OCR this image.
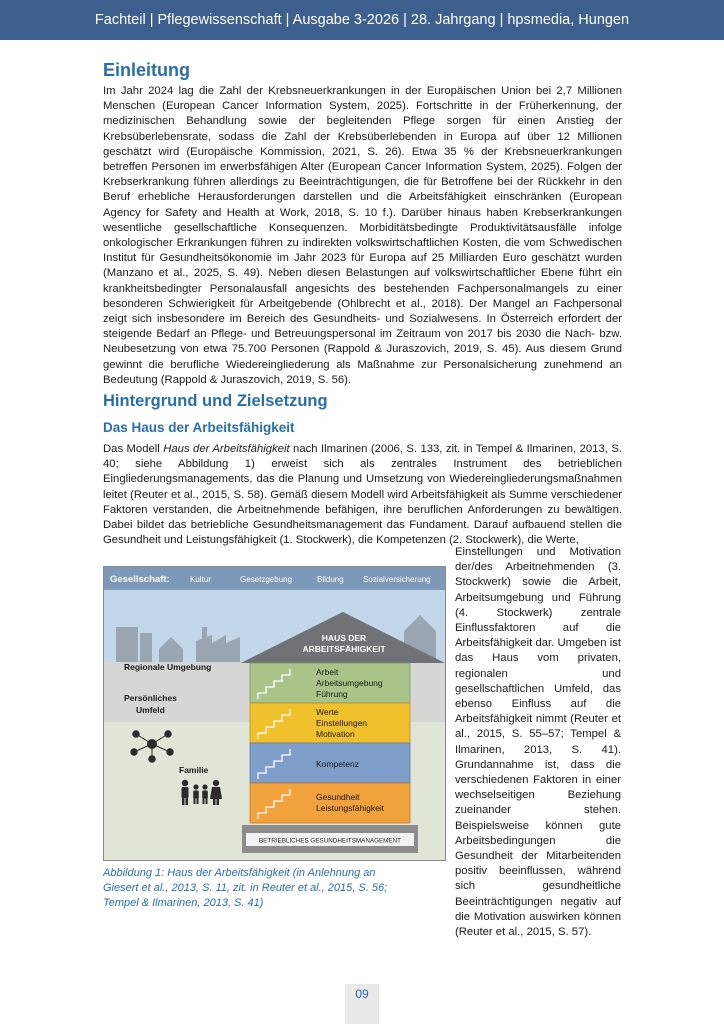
Fachteil | Pflegewissenschaft | Ausgabe 3-2026 | 28. Jahrgang | hpsmedia, Hungen
Einleitung

Im Jahr 2024 lag die Zahl der Krebsneuerkrankungen in der Europäischen Union bei 2,7 Millionen Menschen (European Cancer Information System, 2025). Fortschritte in der Früherkennung, der medizinischen Behandlung sowie der begleitenden Pflege sorgen für einen Anstieg der Krebsüberlebensrate, sodass die Zahl der Krebsüberlebenden in Europa auf über 12 Millionen geschätzt wird (Europäische Kommission, 2021, S. 26). Etwa 35 % der Krebsneuerkrankungen betreffen Personen im erwerbsfähigen Alter (European Cancer Information System, 2025). Folgen der Krebserkrankung führen allerdings zu Beeinträchtigungen, die für Betroffene bei der Rückkehr in den Beruf erhebliche Herausforderungen darstellen und die Arbeitsfähigkeit einschränken (European Agency for Safety and Health at Work, 2018, S. 10 f.). Darüber hinaus haben Krebserkrankungen wesentliche gesellschaftliche Konsequenzen. Morbiditätsbedingte Produktivitätsausfälle infolge onkologischer Erkrankungen führen zu indirekten volkswirtschaftlichen Kosten, die vom Schwedischen Institut für Gesundheitsökonomie im Jahr 2023 für Europa auf 25 Milliarden Euro geschätzt wurden (Manzano et al., 2025, S. 49). Neben diesen Belastungen auf volkswirtschaftlicher Ebene führt ein krankheitsbedingter Personalausfall angesichts des bestehenden Fachpersonalmangels zu einer besonderen Schwierigkeit für Arbeitgebende (Ohlbrecht et al., 2018). Der Mangel an Fachpersonal zeigt sich insbesondere im Bereich des Gesundheits- und Sozialwesens. In Österreich erfordert der steigende Bedarf an Pflege- und Betreuungspersonal im Zeitraum von 2017 bis 2030 die Nach- bzw. Neubesetzung von etwa 75.700 Personen (Rappold & Juraszovich, 2019, S. 45). Aus diesem Grund gewinnt die berufliche Wiedereingliederung als Maßnahme zur Personalsicherung zunehmend an Bedeutung (Rappold & Juraszovich, 2019, S. 56).

Hintergrund und Zielsetzung
Das Haus der Arbeitsfähigkeit

Das Modell Haus der Arbeitsfähigkeit nach Ilmarinen (2006, S. 133, zit. in Tempel & Ilmarinen, 2013, S. 40; siehe Abbildung 1) erweist sich als zentrales Instrument des betrieblichen Eingliederungsmanagements, das die Planung und Umsetzung von Wiedereingliederungsmaßnahmen leitet (Reuter et al., 2015, S. 58). Gemäß diesem Modell wird Arbeitsfähigkeit als Summe verschiedener Faktoren verstanden, die Arbeitnehmende befähigen, ihre beruflichen Anforderungen zu bewältigen. Dabei bildet das betriebliche Gesundheitsmanagement das Fundament. Darauf aufbauend stellen die Gesundheit und Leistungsfähigkeit (1. Stockwerk), die Kompetenzen (2. Stockwerk), die Werte,

Einstellungen und Motivation der/des Arbeitnehmenden (3. Stockwerk) sowie die Arbeit, Arbeitsumgebung und Führung (4. Stockwerk) zentrale Einflussfaktoren auf die Arbeitsfähigkeit dar. Umgeben ist das Haus vom privaten, regionalen und gesellschaftlichen Umfeld, das ebenso Einfluss auf die Arbeitsfähigkeit nimmt (Reuter et al., 2015, S. 55–57; Tempel & Ilmarinen, 2013, S. 41). Grundannahme ist, dass die verschiedenen Faktoren in einer wechselseitigen Beziehung zueinander stehen. Beispielsweise können gute Arbeitsbedingungen die Gesundheit der Mitarbeitenden positiv beeinflussen, während sich gesundheitliche Beeinträchtigungen negativ auf die Motivation auswirken können (Reuter et al., 2015, S. 57).

Gesellschaft:	Kultur	Gesetzgebung	Bildung Sozialversicherung
HAUS DER
ARBEITSFÄHIGKEIT
Arbeit
Arbeitsumgebung
Führung
Werte
Einstellungen
Motivation
Kompetenz
Gesundheit
Leistungsfähigkeit
BETRIEBLICHES GESUNDHEITSMANAGEMENT
Regionale Umgebung
Persönliches
Umfeld
Familie

Abbildung 1: Haus der Arbeitsfähigkeit (in Anlehnung an Giesert et al., 2013, S. 11, zit. in Reuter et al., 2015, S. 56; Tempel & Ilmarinen, 2013, S. 41)

09
